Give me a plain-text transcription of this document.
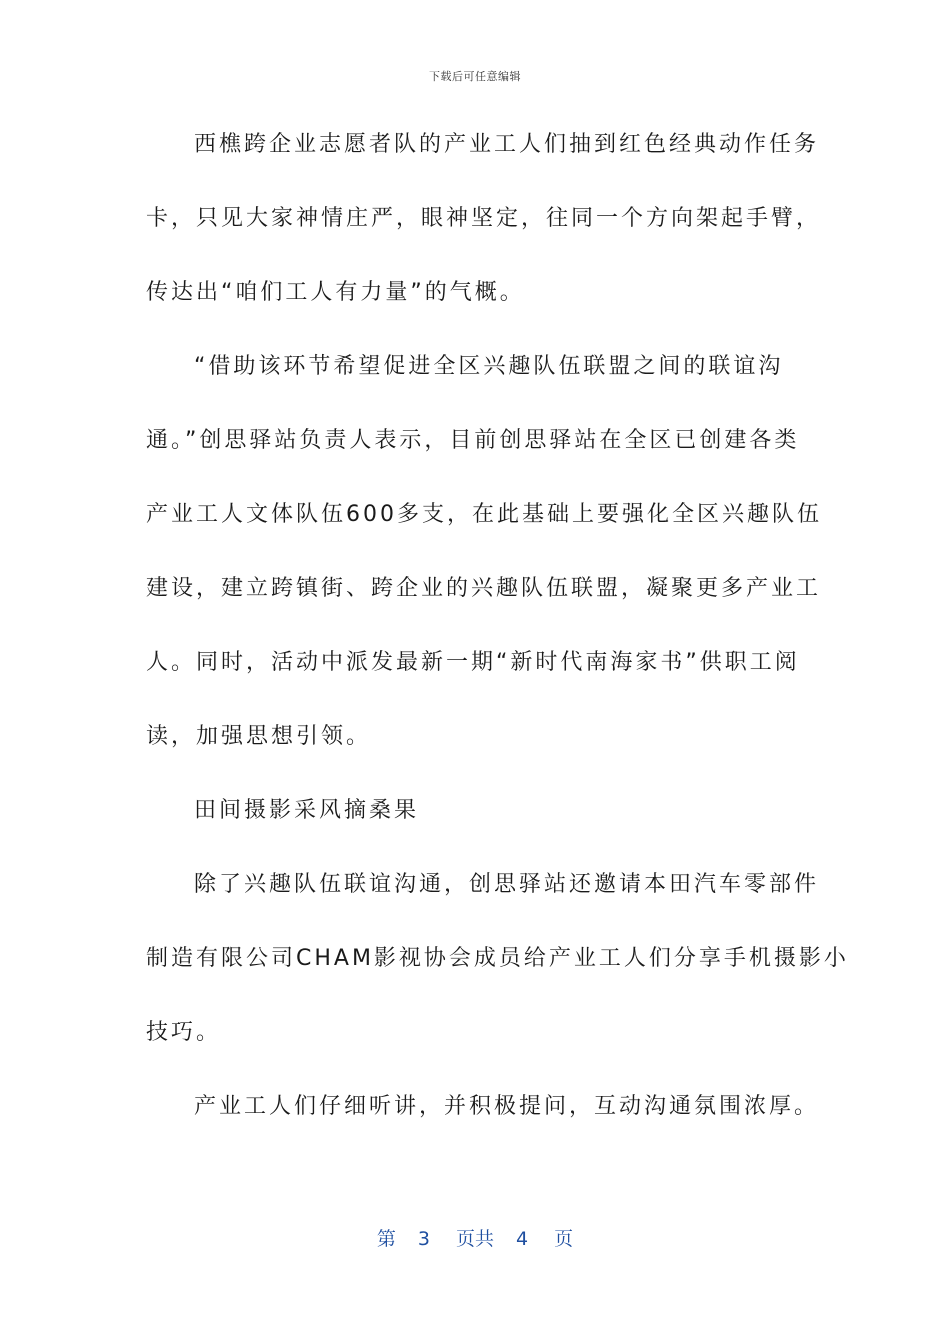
下载后可任意编辑
西樵跨企业志愿者队的产业工人们抽到红色经典动作任务
卡，只见大家神情庄严，眼神坚定，往同一个方向架起手臂，
传达出“咱们工人有力量”的气概。
“借助该环节希望促进全区兴趣队伍联盟之间的联谊沟
通。”创思驿站负责人表示，目前创思驿站在全区已创建各类
产业工人文体队伍600多支，在此基础上要强化全区兴趣队伍
建设，建立跨镇街、跨企业的兴趣队伍联盟，凝聚更多产业工
人。同时，活动中派发最新一期“新时代南海家书”供职工阅
读，加强思想引领。
田间摄影采风摘桑果
除了兴趣队伍联谊沟通，创思驿站还邀请本田汽车零部件
制造有限公司CHAM影视协会成员给产业工人们分享手机摄影小
技巧。
产业工人们仔细听讲，并积极提问，互动沟通氛围浓厚。
第 3 页共 4 页
